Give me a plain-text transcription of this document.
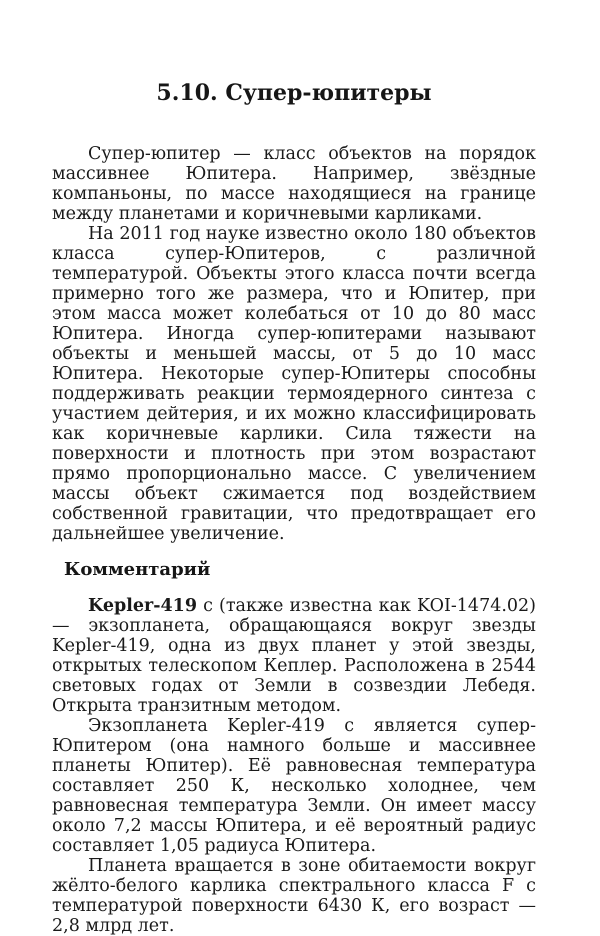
5.10. Супер-юпитеры

Супер-юпитер — класс объектов на порядок массивнее Юпитера. Например, звёздные компаньоны, по массе находящиеся на границе между планетами и коричневыми карликами.

На 2011 год науке известно около 180 объектов класса супер-Юпитеров, с различной температурой. Объекты этого класса почти всегда примерно того же размера, что и Юпитер, при этом масса может колебаться от 10 до 80 масс Юпитера. Иногда супер-юпитерами называют объекты и меньшей массы, от 5 до 10 масс Юпитера. Некоторые супер-Юпитеры способны поддерживать реакции термоядерного синтеза с участием дейтерия, и их можно классифицировать как коричневые карлики. Сила тяжести на поверхности и плотность при этом возрастают прямо пропорционально массе. С увеличением массы объект сжимается под воздействием собственной гравитации, что предотвращает его дальнейшее увеличение.

Комментарий

Kepler-419 c (также известна как KOI-1474.02) — экзопланета, обращающаяся вокруг звезды Kepler-419, одна из двух планет у этой звезды, открытых телескопом Кеплер. Расположена в 2544 световых годах от Земли в созвездии Лебедя. Открыта транзитным методом.

Экзопланета Kepler-419 c является супер-Юпитером (она намного больше и массивнее планеты Юпитер). Её равновесная температура составляет 250 К, несколько холоднее, чем равновесная температура Земли. Он имеет массу около 7,2 массы Юпитера, и её вероятный радиус составляет 1,05 радиуса Юпитера.

Планета вращается в зоне обитаемости вокруг жёлто-белого карлика спектрального класса F с температурой поверхности 6430 К, его возраст — 2,8 млрд лет.
